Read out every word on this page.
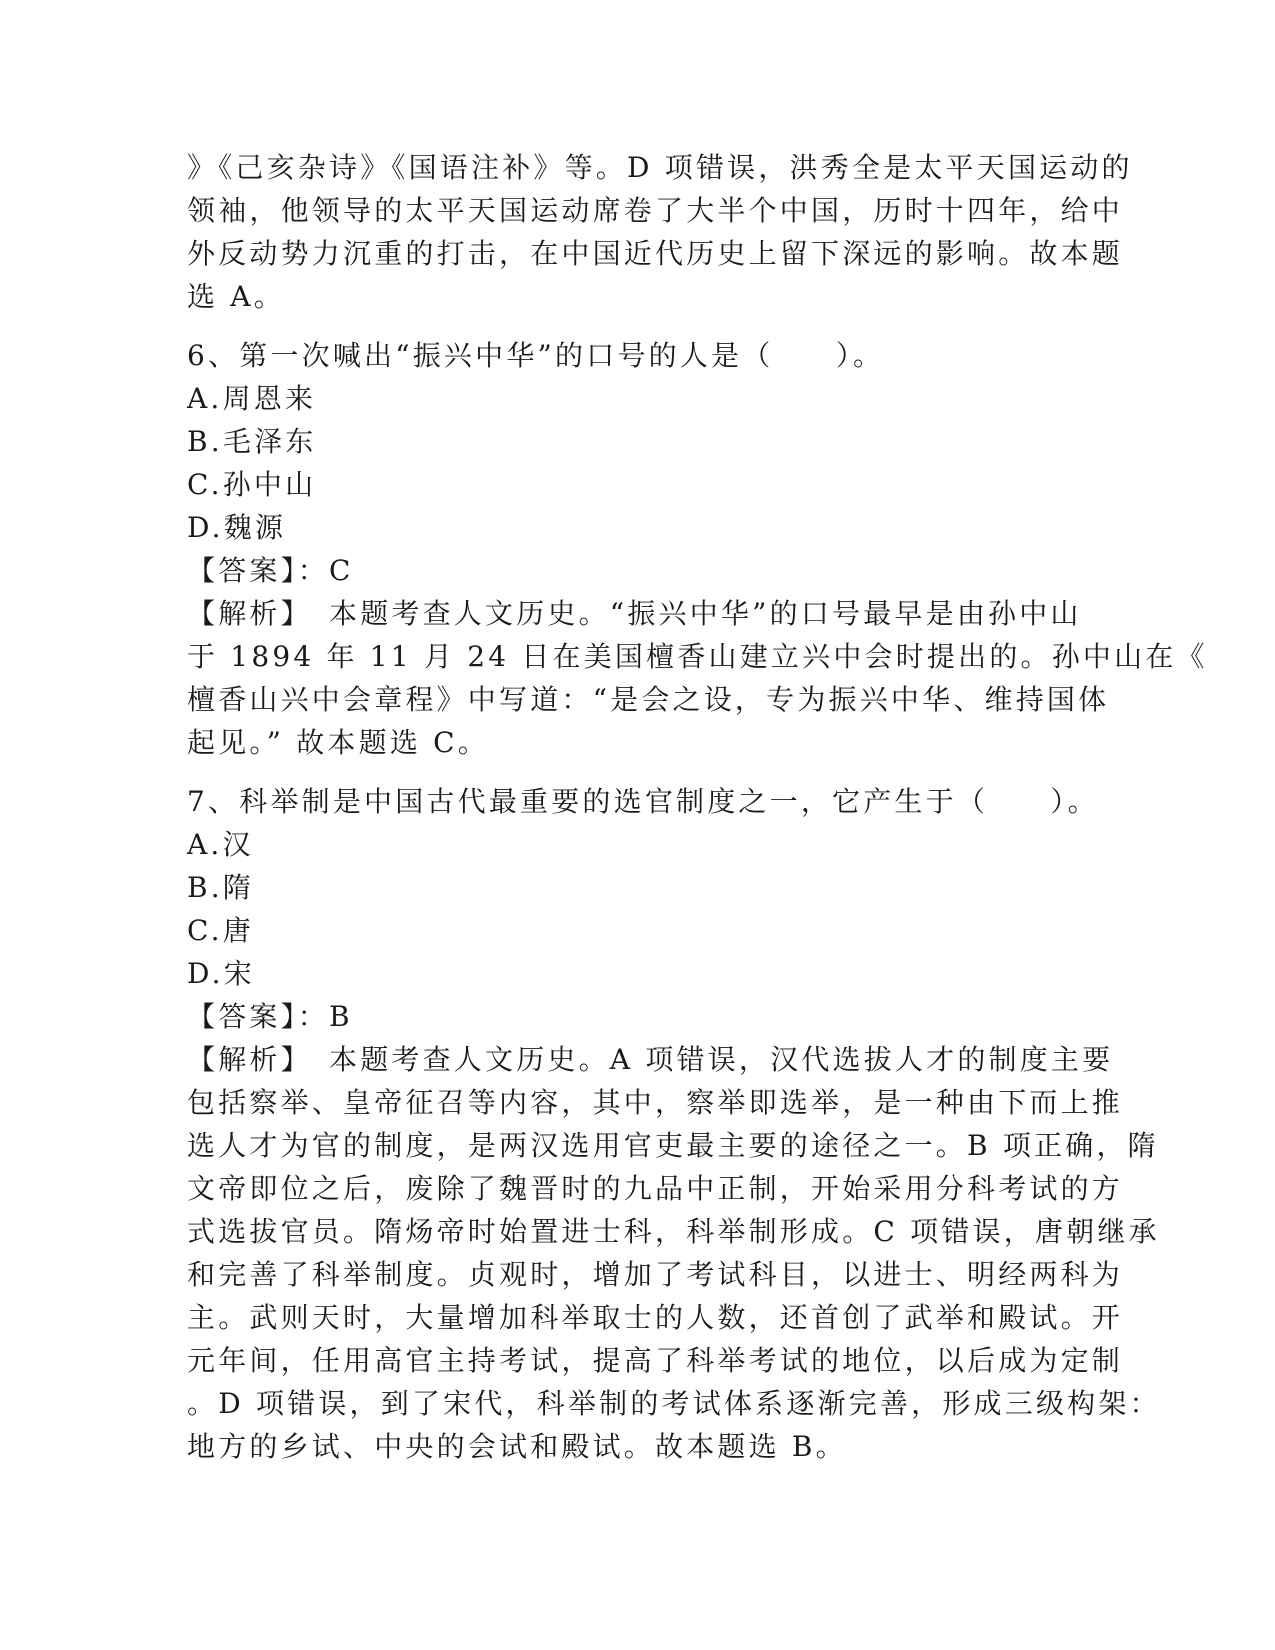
》《己亥杂诗》《国语注补》等。D 项错误，洪秀全是太平天国运动的
领袖，他领导的太平天国运动席卷了大半个中国，历时十四年，给中
外反动势力沉重的打击，在中国近代历史上留下深远的影响。故本题
选 A。
6、第一次喊出“振兴中华”的口号的人是（　　）。
A.周恩来
B.毛泽东
C.孙中山
D.魏源
【答案】：C
【解析】　本题考查人文历史。“振兴中华”的口号最早是由孙中山
于 1894 年 11 月 24 日在美国檀香山建立兴中会时提出的。孙中山在《
檀香山兴中会章程》中写道：“是会之设，专为振兴中华、维持国体
起见。” 故本题选 C。
7、科举制是中国古代最重要的选官制度之一，它产生于（　　）。
A.汉
B.隋
C.唐
D.宋
【答案】：B
【解析】　本题考查人文历史。A 项错误，汉代选拔人才的制度主要
包括察举、皇帝征召等内容，其中，察举即选举，是一种由下而上推
选人才为官的制度，是两汉选用官吏最主要的途径之一。B 项正确，隋
文帝即位之后，废除了魏晋时的九品中正制，开始采用分科考试的方
式选拔官员。隋炀帝时始置进士科，科举制形成。C 项错误，唐朝继承
和完善了科举制度。贞观时，增加了考试科目，以进士、明经两科为
主。武则天时，大量增加科举取士的人数，还首创了武举和殿试。开
元年间，任用高官主持考试，提高了科举考试的地位，以后成为定制
。D 项错误，到了宋代，科举制的考试体系逐渐完善，形成三级构架：
地方的乡试、中央的会试和殿试。故本题选 B。
